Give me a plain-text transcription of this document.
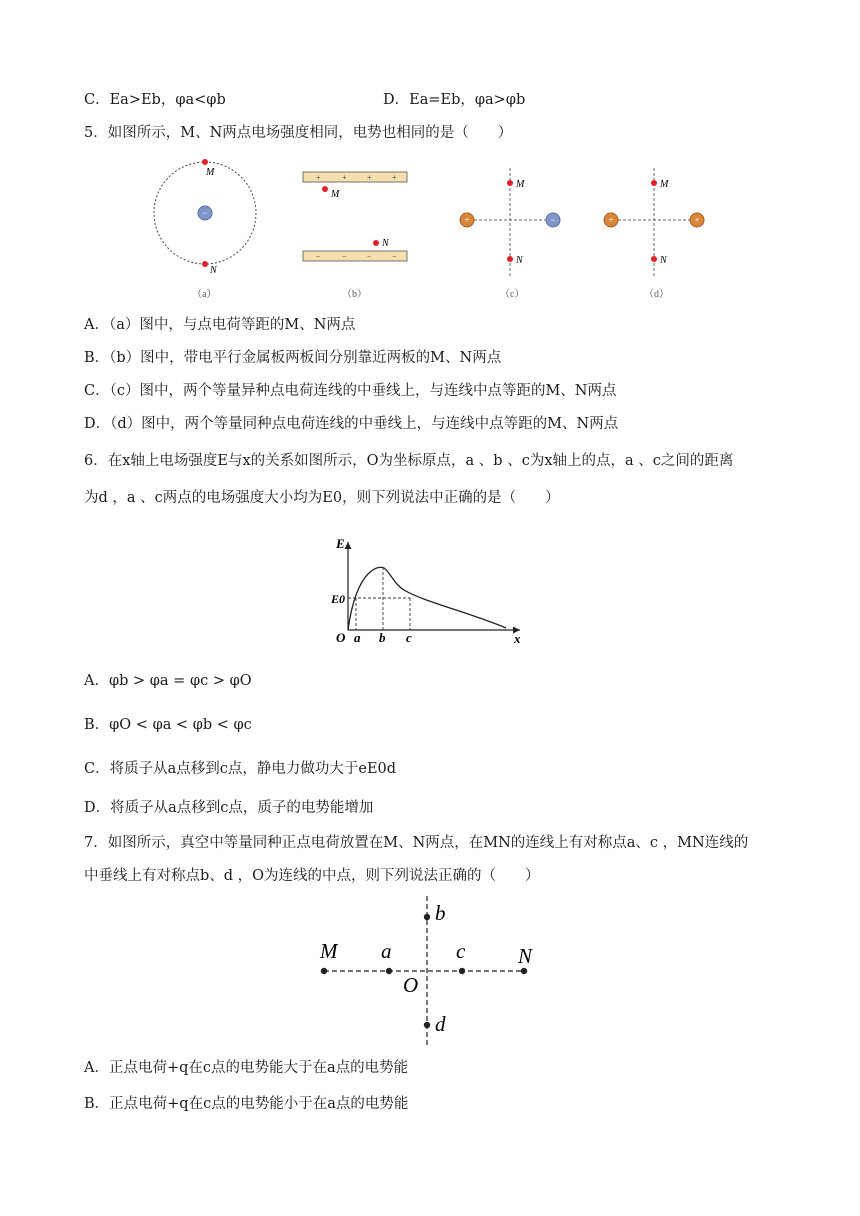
C．Ea>Eb，φa<φb	D．Ea=Eb，φa>φb
5．如图所示，M、N两点电场强度相同，电势也相同的是（　　）
−
M
N
（a）
+	+	+	+
M
N
−	−	−	−
（b）
+	−
M
N
（c）
+	+
M
N
（d）
A．（a）图中，与点电荷等距的M、N两点
B．（b）图中，带电平行金属板两板间分别靠近两板的M、N两点
C．（c）图中，两个等量异种点电荷连线的中垂线上，与连线中点等距的M、N两点
D．（d）图中，两个等量同种点电荷连线的中垂线上，与连线中点等距的M、N两点
6．在x轴上电场强度E与x的关系如图所示，O为坐标原点，a 、b 、c为x轴上的点，a 、c之间的距离
为d ，a 、c两点的电场强度大小均为E0，则下列说法中正确的是（　　）
E
E0
O a b c	x
A．φb > φa = φc > φO
B．φO < φa < φb < φc
C．将质子从a点移到c点，静电力做功大于eE0d
D．将质子从a点移到c点，质子的电势能增加
7．如图所示，真空中等量同种正点电荷放置在M、N两点，在MN的连线上有对称点a、c ，MN连线的
中垂线上有对称点b、d ，O为连线的中点，则下列说法正确的（　　）
M a	c	N
b
d
O
A．正点电荷+q在c点的电势能大于在a点的电势能
B．正点电荷+q在c点的电势能小于在a点的电势能
